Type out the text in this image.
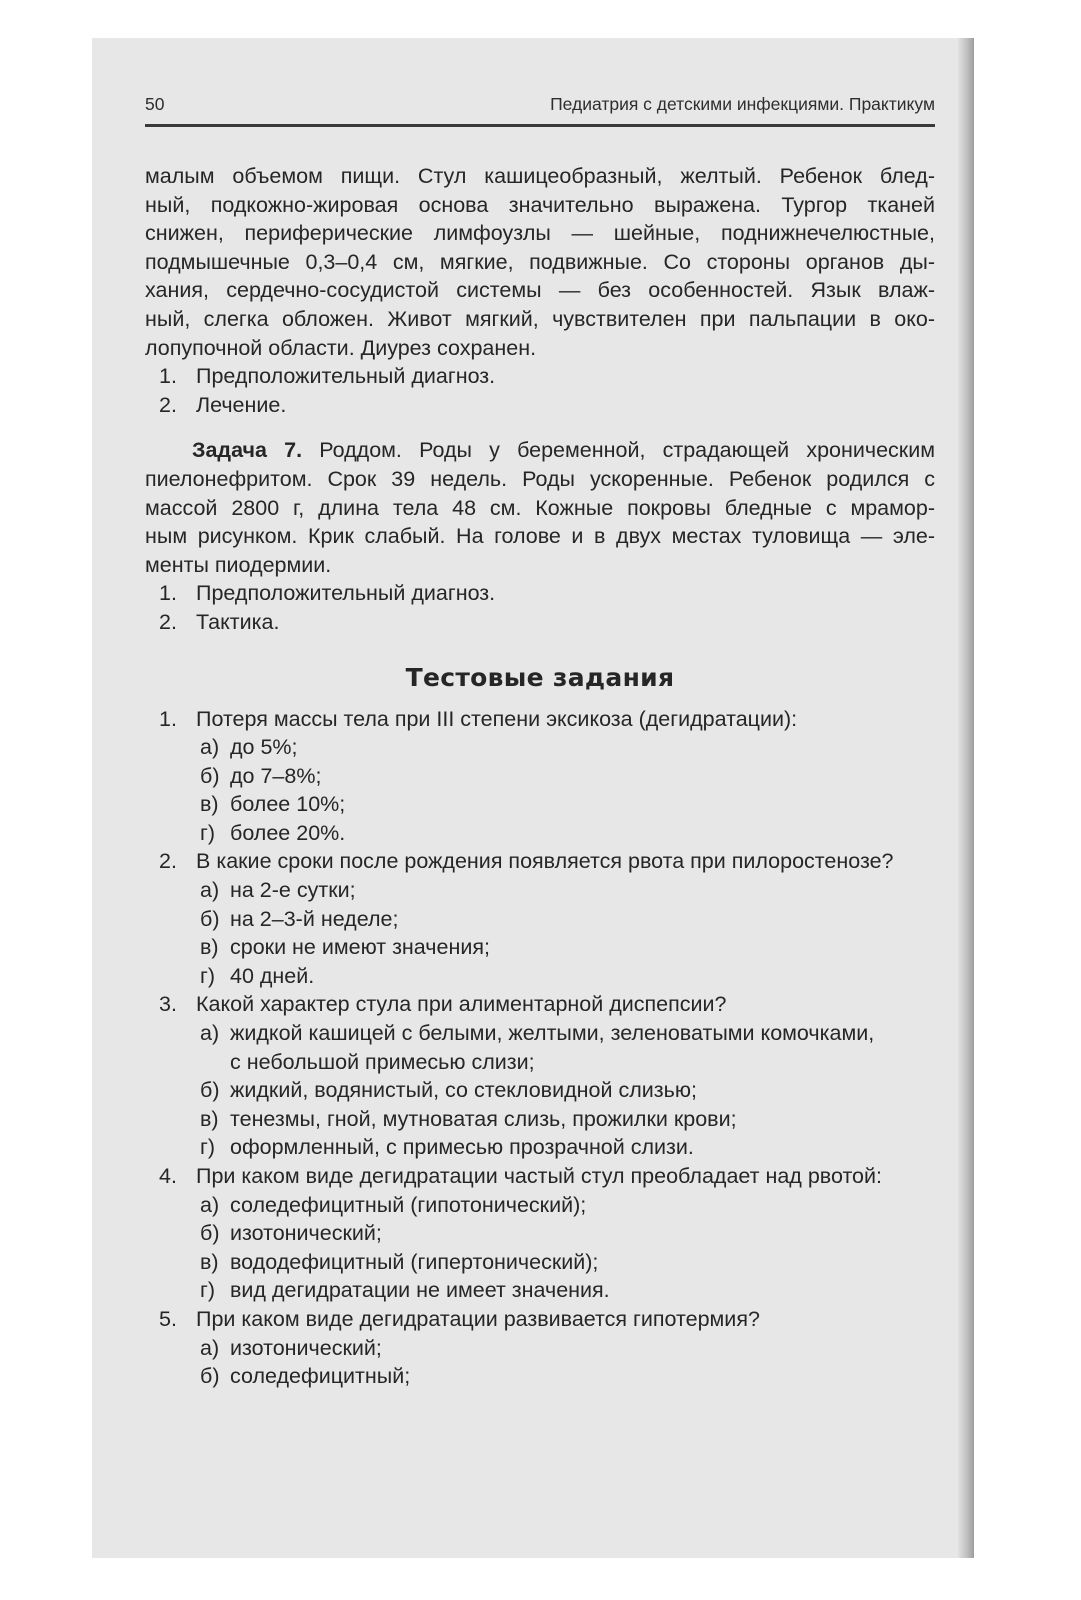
50	Педиатрия с детскими инфекциями. Практикум
малым объемом пищи. Стул кашицеобразный, желтый. Ребенок блед-
ный, подкожно-жировая основа значительно выражена. Тургор тканей
снижен, периферические лимфоузлы — шейные, поднижнечелюстные,
подмышечные 0,3–0,4 см, мягкие, подвижные. Со стороны органов ды-
хания, сердечно-сосудистой системы — без особенностей. Язык влаж-
ный, слегка обложен. Живот мягкий, чувствителен при пальпации в око-
лопупочной области. Диурез сохранен.
1. Предположительный диагноз.
2. Лечение.
Задача 7. Роддом. Роды у беременной, страдающей хроническим
пиелонефритом. Срок 39 недель. Роды ускоренные. Ребенок родился с
массой 2800 г, длина тела 48 см. Кожные покровы бледные с мрамор-
ным рисунком. Крик слабый. На голове и в двух местах туловища — эле-
менты пиодермии.
1. Предположительный диагноз.
2. Тактика.
Тестовые задания
1. Потеря массы тела при III степени эксикоза (дегидратации):
а) до 5%;
б) до 7–8%;
в) более 10%;
г) более 20%.
2. В какие сроки после рождения появляется рвота при пилоростенозе?
а) на 2-е сутки;
б) на 2–3-й неделе;
в) сроки не имеют значения;
г) 40 дней.
3. Какой характер стула при алиментарной диспепсии?
а) жидкой кашицей с белыми, желтыми, зеленоватыми комочками,
с небольшой примесью слизи;
б) жидкий, водянистый, со стекловидной слизью;
в) тенезмы, гной, мутноватая слизь, прожилки крови;
г) оформленный, с примесью прозрачной слизи.
4. При каком виде дегидратации частый стул преобладает над рвотой:
а) соледефицитный (гипотонический);
б) изотонический;
в) вододефицитный (гипертонический);
г) вид дегидратации не имеет значения.
5. При каком виде дегидратации развивается гипотермия?
а) изотонический;
б) соледефицитный;
